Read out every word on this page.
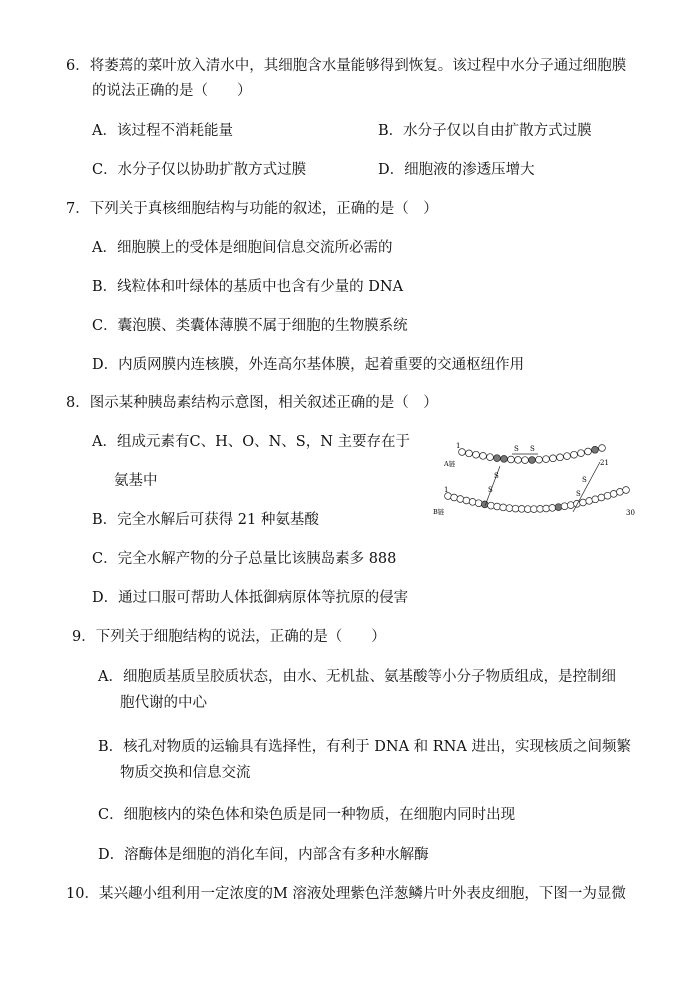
6．将萎蔫的菜叶放入清水中，其细胞含水量能够得到恢复。该过程中水分子通过细胞膜
的说法正确的是（　　）
A．该过程不消耗能量	B．水分子仅以自由扩散方式过膜
C．水分子仅以协助扩散方式过膜	D．细胞液的渗透压增大
7．下列关于真核细胞结构与功能的叙述，正确的是（　）
A．细胞膜上的受体是细胞间信息交流所必需的
B．线粒体和叶绿体的基质中也含有少量的 DNA
C．囊泡膜、类囊体薄膜不属于细胞的生物膜系统
D．内质网膜内连核膜，外连高尔基体膜，起着重要的交通枢纽作用
8．图示某种胰岛素结构示意图，相关叙述正确的是（　）
A．组成元素有C、H、O、N、S，N 主要存在于
氨基中
B．完全水解后可获得 21 种氨基酸
C．完全水解产物的分子总量比该胰岛素多 888
D．通过口服可帮助人体抵御病原体等抗原的侵害
1
21
A链
1
30
B链
S S
S
S
S
S
9．下列关于细胞结构的说法，正确的是（　　）
A．细胞质基质呈胶质状态，由水、无机盐、氨基酸等小分子物质组成，是控制细
胞代谢的中心
B．核孔对物质的运输具有选择性，有利于 DNA 和 RNA 进出，实现核质之间频繁
物质交换和信息交流
C．细胞核内的染色体和染色质是同一种物质，在细胞内同时出现
D．溶酶体是细胞的消化车间，内部含有多种水解酶
10．某兴趣小组利用一定浓度的M 溶液处理紫色洋葱鳞片叶外表皮细胞，下图一为显微
